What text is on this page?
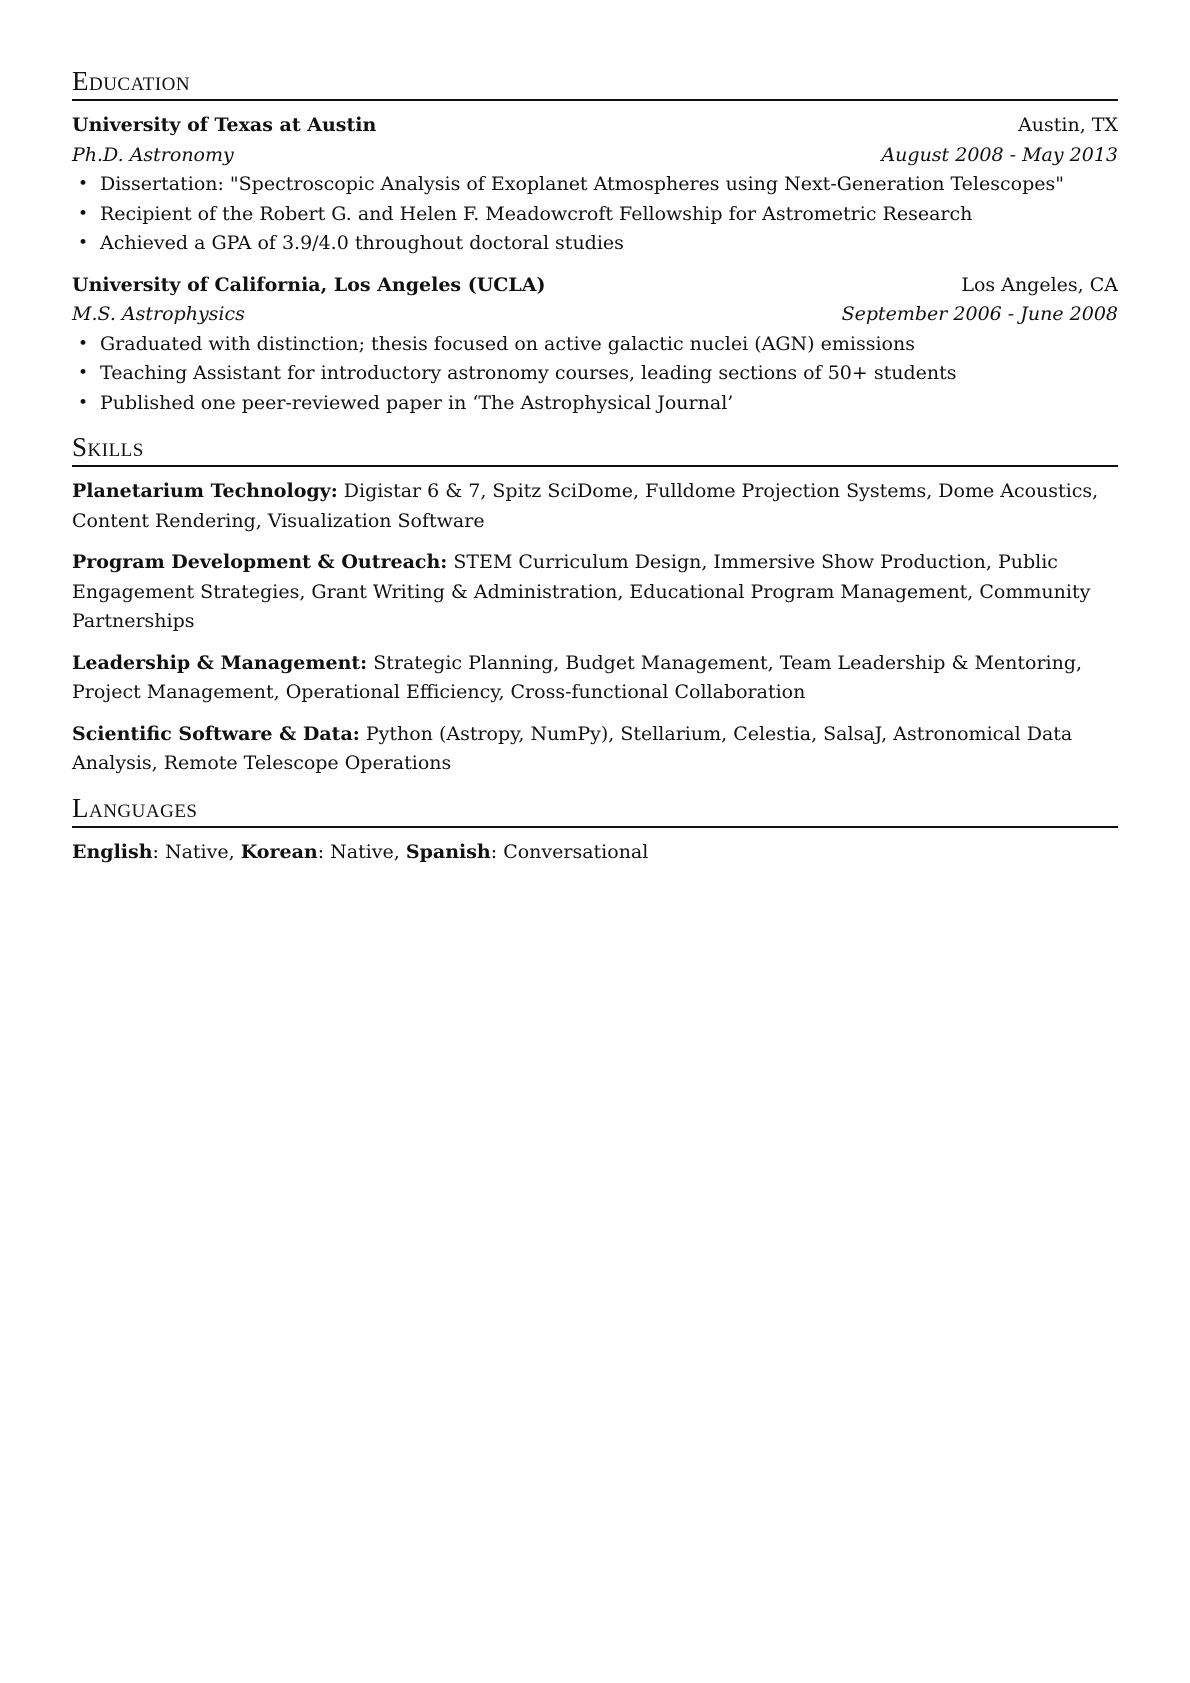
Education
University of Texas at Austin	Austin, TX
Ph.D. Astronomy	August 2008 - May 2013
• Dissertation: "Spectroscopic Analysis of Exoplanet Atmospheres using Next-Generation Telescopes"
• Recipient of the Robert G. and Helen F. Meadowcroft Fellowship for Astrometric Research
• Achieved a GPA of 3.9/4.0 throughout doctoral studies
University of California, Los Angeles (UCLA)	Los Angeles, CA
M.S. Astrophysics	September 2006 - June 2008
• Graduated with distinction; thesis focused on active galactic nuclei (AGN) emissions
• Teaching Assistant for introductory astronomy courses, leading sections of 50+ students
• Published one peer-reviewed paper in ‘The Astrophysical Journal’
Skills
Planetarium Technology: Digistar 6 & 7, Spitz SciDome, Fulldome Projection Systems, Dome Acoustics, Content Rendering, Visualization Software
Program Development & Outreach: STEM Curriculum Design, Immersive Show Production, Public Engagement Strategies, Grant Writing & Administration, Educational Program Management, Community Partnerships
Leadership & Management: Strategic Planning, Budget Management, Team Leadership & Mentoring, Project Management, Operational Efficiency, Cross-functional Collaboration
Scientific Software & Data: Python (Astropy, NumPy), Stellarium, Celestia, SalsaJ, Astronomical Data Analysis, Remote Telescope Operations
Languages
English: Native, Korean: Native, Spanish: Conversational
